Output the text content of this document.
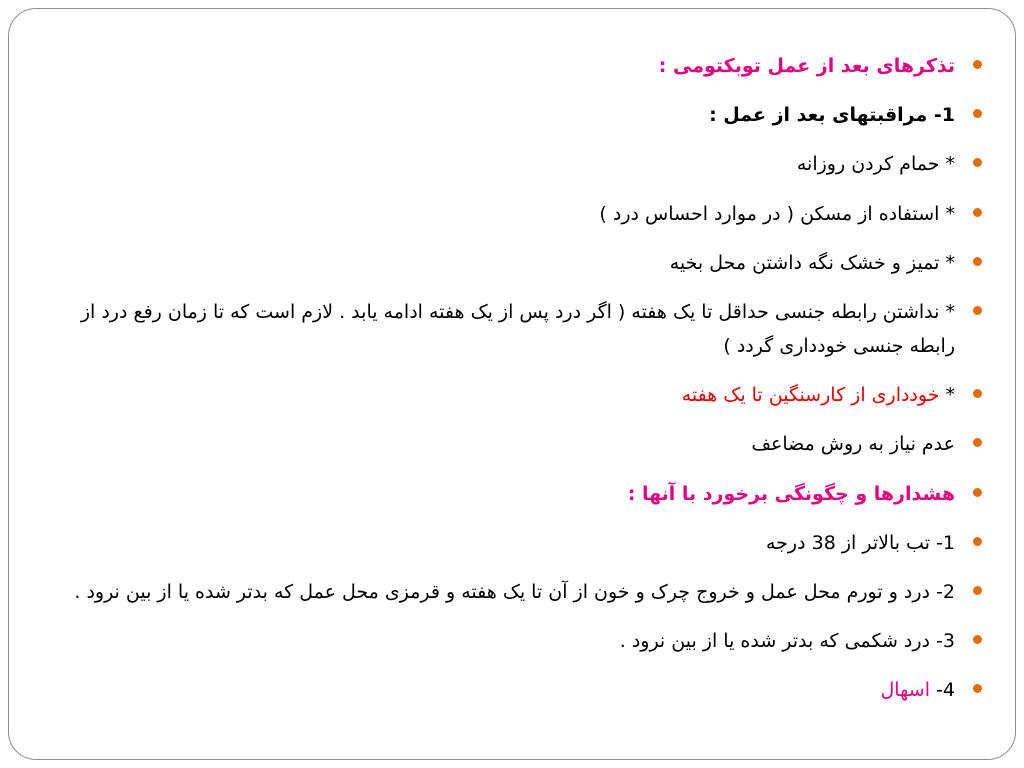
تذکرهای بعد از عمل توبکتومی :
1- مراقبتهای بعد از عمل :
* حمام کردن روزانه
* استفاده از مسکن ( در موارد احساس درد )
* تمیز و خشک نگه داشتن محل بخیه
* نداشتن رابطه جنسی حداقل تا یک هفته ( اگر درد پس از یک هفته ادامه یابد . لازم است که تا زمان رفع درد از رابطه جنسی خودداری گردد )
* خودداری از کارسنگین تا یک هفته
عدم نیاز به روش مضاعف
هشدارها و چگونگی برخورد با آنها :
1- تب بالاتر از 38 درجه
2- درد و تورم محل عمل و خروج چرک و خون از آن تا یک هفته و قرمزی محل عمل که بدتر شده یا از بین نرود .
3- درد شکمی که بدتر شده یا از بین نرود .
4- اسهال
